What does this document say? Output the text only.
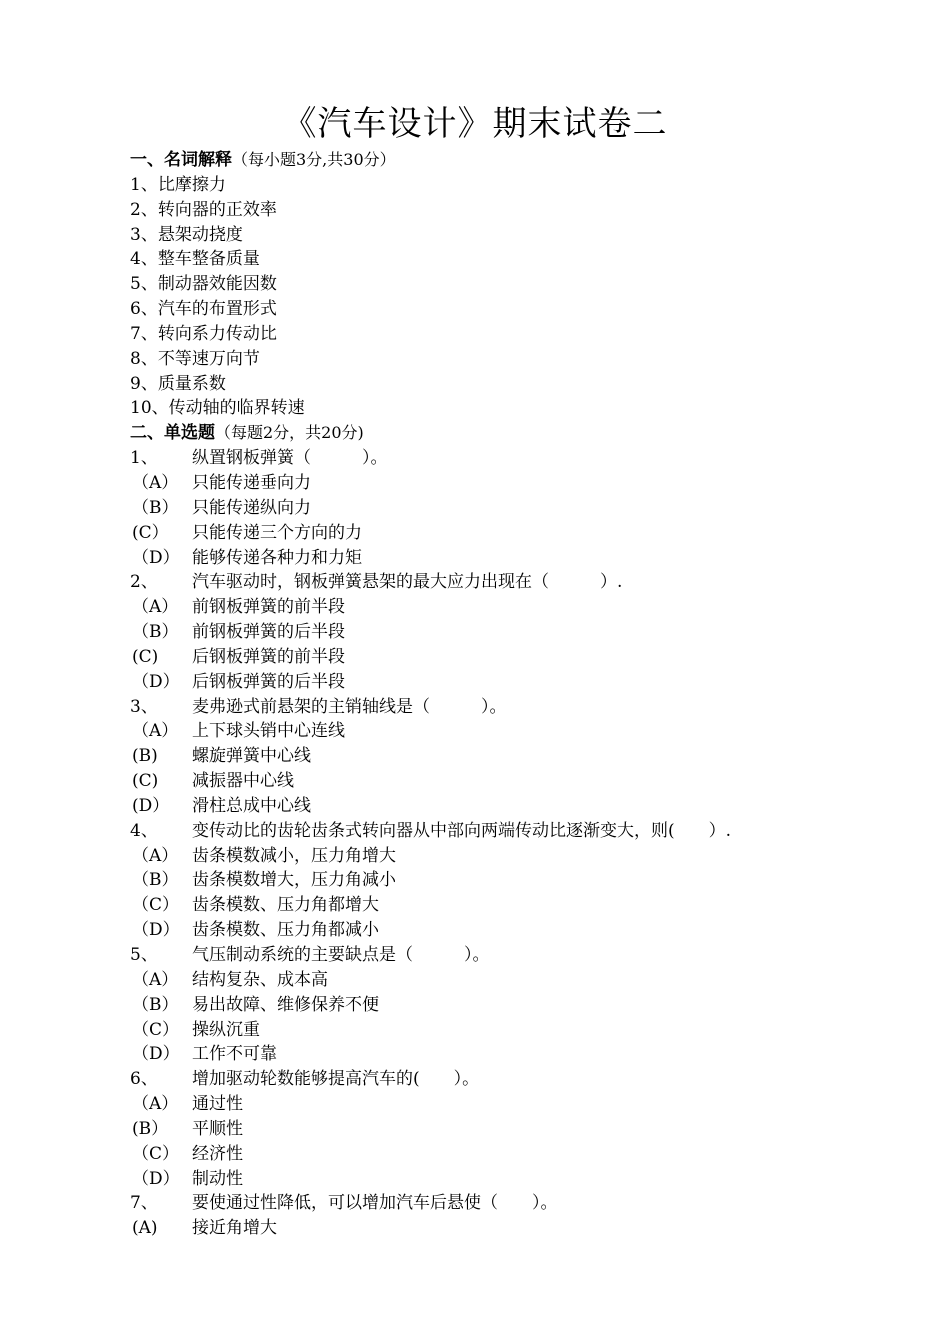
《汽车设计》期末试卷二
一、名词解释（每小题3分,共30分）
1、比摩擦力
2、转向器的正效率
3、悬架动挠度
4、整车整备质量
5、制动器效能因数
6、汽车的布置形式
7、转向系力传动比
8、不等速万向节
9、质量系数
10、传动轴的临界转速
二、单选题（每题2分，共20分)
1、 纵置钢板弹簧（　　　）。
（A） 只能传递垂向力
（B） 只能传递纵向力
(C） 只能传递三个方向的力
（D） 能够传递各种力和力矩
2、 汽车驱动时，钢板弹簧悬架的最大应力出现在（　　　）.
（A） 前钢板弹簧的前半段
（B） 前钢板弹簧的后半段
(C) 后钢板弹簧的前半段
（D） 后钢板弹簧的后半段
3、 麦弗逊式前悬架的主销轴线是（　　　）。
（A） 上下球头销中心连线
(B) 螺旋弹簧中心线
(C) 减振器中心线
(D） 滑柱总成中心线
4、 变传动比的齿轮齿条式转向器从中部向两端传动比逐渐变大，则(　　）.
（A） 齿条模数减小，压力角增大
（B） 齿条模数增大，压力角减小
（C） 齿条模数、压力角都增大
（D） 齿条模数、压力角都减小
5、 气压制动系统的主要缺点是（　　　）。
（A） 结构复杂、成本高
（B） 易出故障、维修保养不便
（C） 操纵沉重
（D） 工作不可靠
6、 增加驱动轮数能够提高汽车的(　　）。
（A） 通过性
(B） 平顺性
（C） 经济性
（D） 制动性
7、 要使通过性降低，可以增加汽车后悬使（　　）。
(A) 接近角增大
